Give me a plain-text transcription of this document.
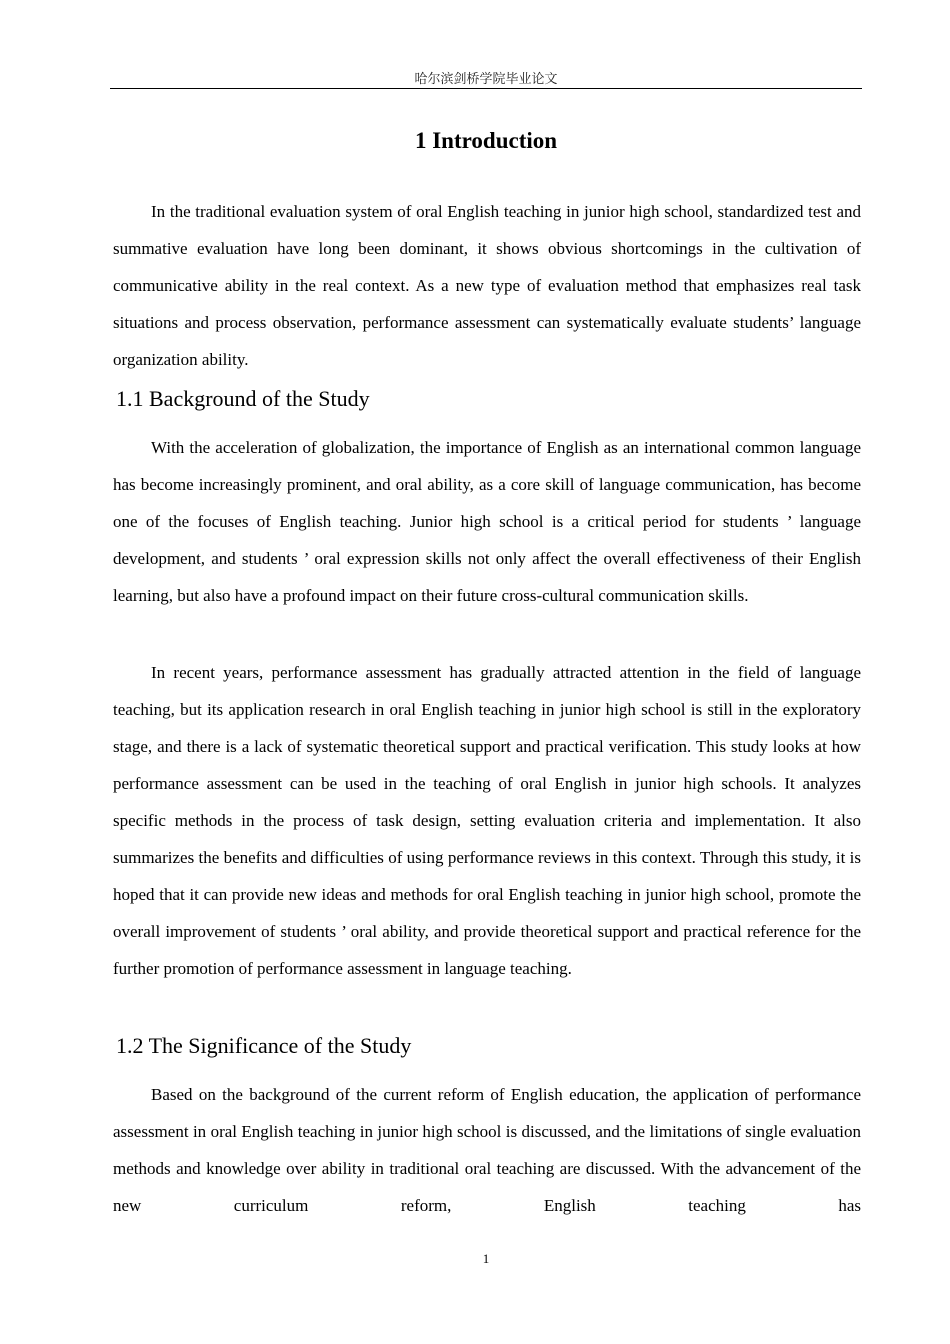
哈尔滨剑桥学院毕业论文
1 Introduction

In the traditional evaluation system of oral English teaching in junior high school, standardized test and summative evaluation have long been dominant, it shows obvious shortcomings in the cultivation of communicative ability in the real context. As a new type of evaluation method that emphasizes real task situations and process observation, performance assessment can systematically evaluate students’ language organization ability.

1.1 Background of the Study

With the acceleration of globalization, the importance of English as an international common language has become increasingly prominent, and oral ability, as a core skill of language communication, has become one of the focuses of English teaching. Junior high school is a critical period for students ’ language development, and students ’ oral expression skills not only affect the overall effectiveness of their English learning, but also have a profound impact on their future cross-cultural communication skills.

In recent years, performance assessment has gradually attracted attention in the field of language teaching, but its application research in oral English teaching in junior high school is still in the exploratory stage, and there is a lack of systematic theoretical support and practical verification. This study looks at how performance assessment can be used in the teaching of oral English in junior high schools. It analyzes specific methods in the process of task design, setting evaluation criteria and implementation. It also summarizes the benefits and difficulties of using performance reviews in this context. Through this study, it is hoped that it can provide new ideas and methods for oral English teaching in junior high school, promote the overall improvement of students ’ oral ability, and provide theoretical support and practical reference for the further promotion of performance assessment in language teaching.

1.2 The Significance of the Study

Based on the background of the current reform of English education, the application of performance assessment in oral English teaching in junior high school is discussed, and the limitations of single evaluation methods and knowledge over ability in traditional oral teaching are discussed. With the advancement of the new curriculum reform, English teaching has

1
